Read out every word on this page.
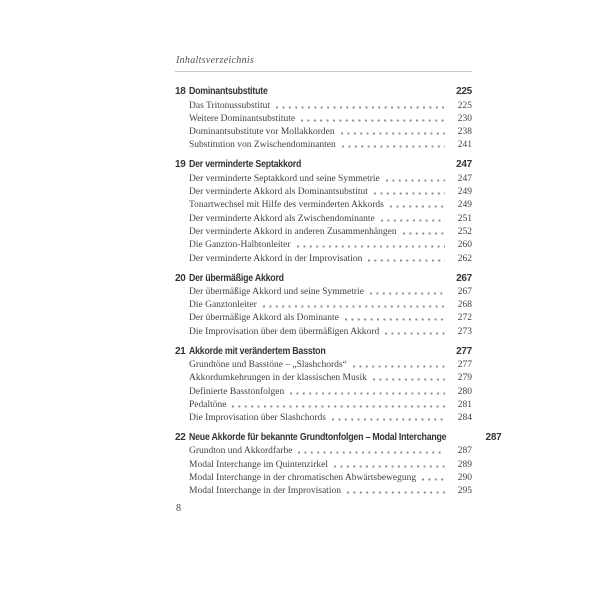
Inhaltsverzeichnis
18 Dominantsubstitute	225
Das Tritonussubstitut	225
Weitere Dominantsubstitute	230
Dominantsubstitute vor Mollakkorden	238
Substitution von Zwischendominanten	241
19 Der verminderte Septakkord	247
Der verminderte Septakkord und seine Symmetrie	247
Der verminderte Akkord als Dominantsubstitut	249
Tonartwechsel mit Hilfe des verminderten Akkords	249
Der verminderte Akkord als Zwischendominante	251
Der verminderte Akkord in anderen Zusammenhängen	252
Die Ganzton-Halbtonleiter	260
Der verminderte Akkord in der Improvisation	262
20 Der übermäßige Akkord	267
Der übermäßige Akkord und seine Symmetrie	267
Die Ganztonleiter	268
Der übermäßige Akkord als Dominante	272
Die Improvisation über dem übermäßigen Akkord	273
21 Akkorde mit verändertem Basston	277
Grundtöne und Basstöne – „Slashchords“	277
Akkordumkehrungen in der klassischen Musik	279
Definierte Basstonfolgen	280
Pedaltöne	281
Die Improvisation über Slashchords	284
22 Neue Akkorde für bekannte Grundtonfolgen – Modal Interchange	287
Grundton und Akkordfarbe	287
Modal Interchange im Quintenzirkel	289
Modal Interchange in der chromatischen Abwärtsbewegung	290
Modal Interchange in der Improvisation	295
8
